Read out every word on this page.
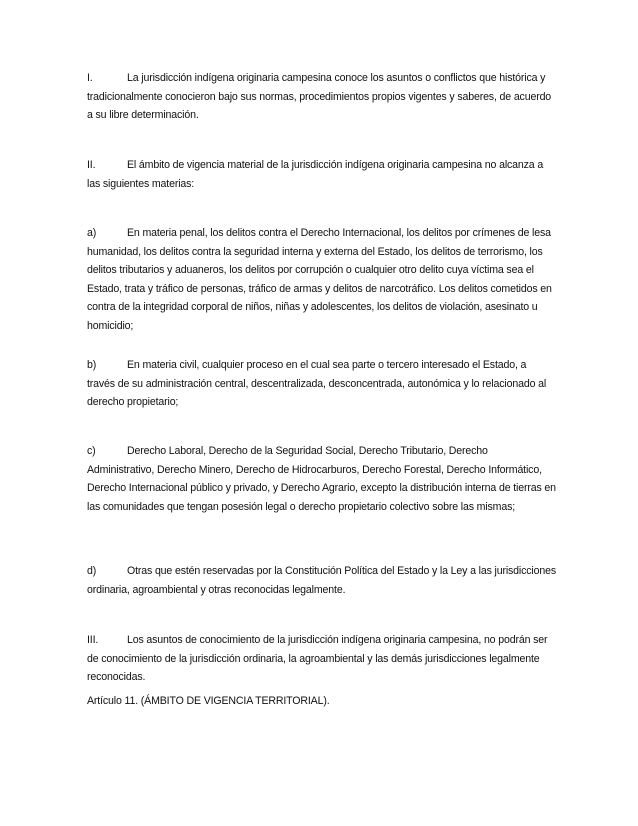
I.	La jurisdicción indígena originaria campesina conoce los asuntos o conflictos que histórica y tradicionalmente conocieron bajo sus normas, procedimientos propios vigentes y saberes, de acuerdo a su libre determinación.

II.	El ámbito de vigencia material de la jurisdicción indígena originaria campesina no alcanza a las siguientes materias:

a)	En materia penal, los delitos contra el Derecho Internacional, los delitos por crímenes de lesa humanidad, los delitos contra la seguridad interna y externa del Estado, los delitos de terrorismo, los delitos tributarios y aduaneros, los delitos por corrupción o cualquier otro delito cuya víctima sea el Estado, trata y tráfico de personas, tráfico de armas y delitos de narcotráfico. Los delitos cometidos en contra de la integridad corporal de niños, niñas y adolescentes, los delitos de violación, asesinato u homicidio;

b)	En materia civil, cualquier proceso en el cual sea parte o tercero interesado el Estado, a través de su administración central, descentralizada, desconcentrada, autonómica y lo relacionado al derecho propietario;

c)	Derecho Laboral, Derecho de la Seguridad Social, Derecho Tributario, Derecho Administrativo, Derecho Minero, Derecho de Hidrocarburos, Derecho Forestal, Derecho Informático, Derecho Internacional público y privado, y Derecho Agrario, excepto la distribución interna de tierras en las comunidades que tengan posesión legal o derecho propietario colectivo sobre las mismas;

d)	Otras que estén reservadas por la Constitución Política del Estado y la Ley a las jurisdicciones ordinaria, agroambiental y otras reconocidas legalmente.

III.	Los asuntos de conocimiento de la jurisdicción indígena originaria campesina, no podrán ser de conocimiento de la jurisdicción ordinaria, la agroambiental y las demás jurisdicciones legalmente reconocidas.

Artículo 11. (ÁMBITO DE VIGENCIA TERRITORIAL).
